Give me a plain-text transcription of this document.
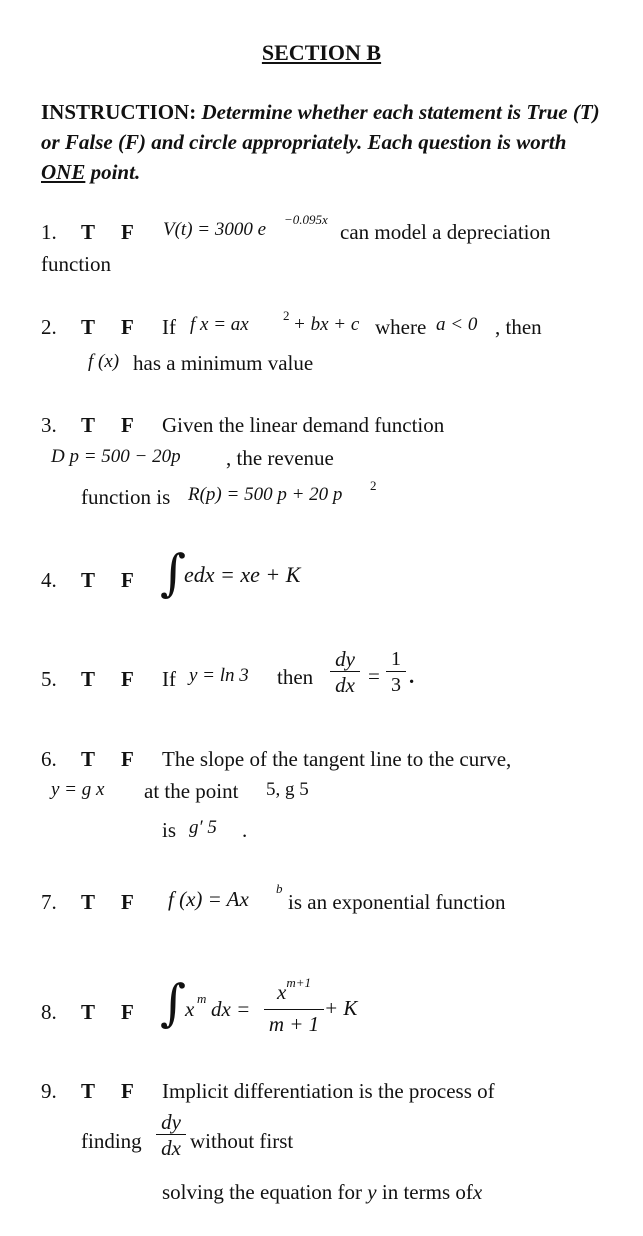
SECTION B
INSTRUCTION: Determine whether each statement is True (T) or False (F) and circle appropriately. Each question is worth ONE point.
1. T F V(t) = 3000 e −0.095x
can model a depreciation
function
2. T F If f x = ax	2 + bx + c where a < 0 , then
f (x) has a minimum value
3. T F Given the linear demand function
D p = 500 − 20p , the revenue
function is R(p) = 500 p + 20 p 2
4. T F ∫
edx = xe + K
5. T F If y = ln 3 then $\frac{dy}{dx} = \frac{1}{3}$ .
6. T F The slope of the tangent line to the curve,
y = g x at the point 5, g 5
is g′ 5 .
7. T F f (x) = Ax b
is an exponential function
8. T F ∫
x m dx = $\frac{x^{m+1}}{m + 1} + K$
9. T F Implicit differentiation is the process of
finding $\frac{dy}{dx}$ without first
solving the equation for y in terms ofx
